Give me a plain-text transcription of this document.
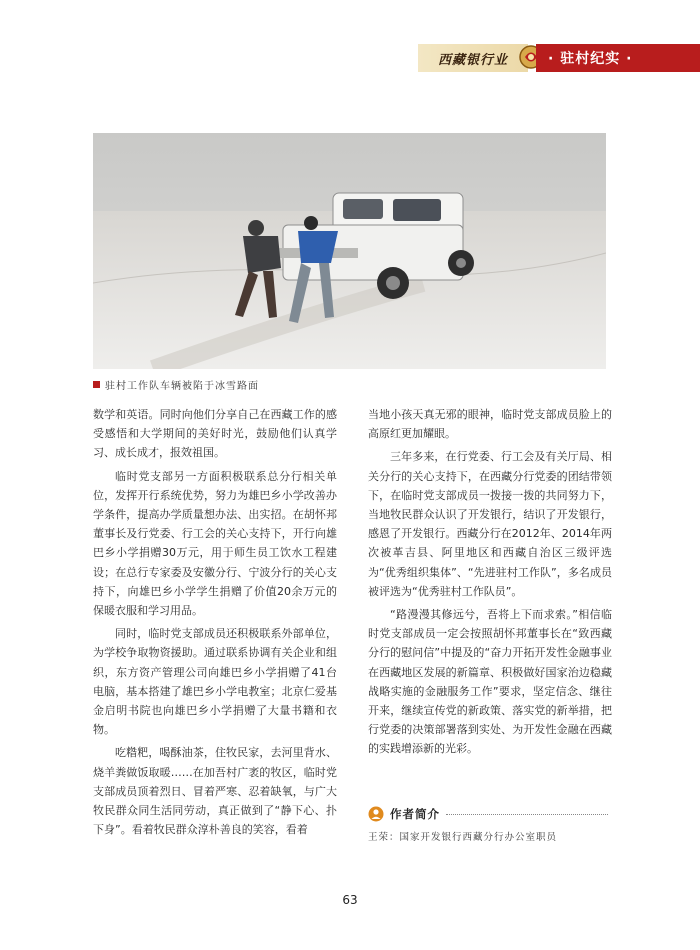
西藏银行业	· 驻村纪实 ·
驻村工作队车辆被陷于冰雪路面

数学和英语。同时向他们分享自己在西藏工作的感受感悟和大学期间的美好时光，鼓励他们认真学习、成长成才，报效祖国。

临时党支部另一方面积极联系总分行相关单位，发挥开行系统优势，努力为雄巴乡小学改善办学条件，提高办学质量想办法、出实招。在胡怀邦董事长及行党委、行工会的关心支持下，开行向雄巴乡小学捐赠30万元，用于师生员工饮水工程建设；在总行专家委及安徽分行、宁波分行的关心支持下，向雄巴乡小学学生捐赠了价值20余万元的保暖衣服和学习用品。

同时，临时党支部成员还积极联系外部单位，为学校争取物资援助。通过联系协调有关企业和组织，东方资产管理公司向雄巴乡小学捐赠了41台电脑，基本搭建了雄巴乡小学电教室；北京仁爱基金启明书院也向雄巴乡小学捐赠了大量书籍和衣物。

吃糌粑，喝酥油茶，住牧民家，去河里背水、烧羊粪做饭取暖……在加吾村广袤的牧区，临时党支部成员顶着烈日、冒着严寒、忍着缺氧，与广大牧民群众同生活同劳动，真正做到了“静下心、扑下身”。看着牧民群众淳朴善良的笑容，看着

当地小孩天真无邪的眼神，临时党支部成员脸上的高原红更加耀眼。

三年多来，在行党委、行工会及有关厅局、相关分行的关心支持下，在西藏分行党委的团结带领下，在临时党支部成员一拨接一拨的共同努力下，当地牧民群众认识了开发银行，结识了开发银行，感恩了开发银行。西藏分行在2012年、2014年两次被革吉县、阿里地区和西藏自治区三级评选为“优秀组织集体”、“先进驻村工作队”，多名成员被评选为“优秀驻村工作队员”。

“路漫漫其修远兮，吾将上下而求索。”相信临时党支部成员一定会按照胡怀邦董事长在“致西藏分行的慰问信”中提及的“奋力开拓开发性金融事业在西藏地区发展的新篇章、积极做好国家治边稳藏战略实施的金融服务工作”要求，坚定信念、继往开来，继续宣传党的新政策、落实党的新举措，把行党委的决策部署落到实处、为开发性金融在西藏的实践增添新的光彩。

作者简介
王荣：国家开发银行西藏分行办公室职员
63
